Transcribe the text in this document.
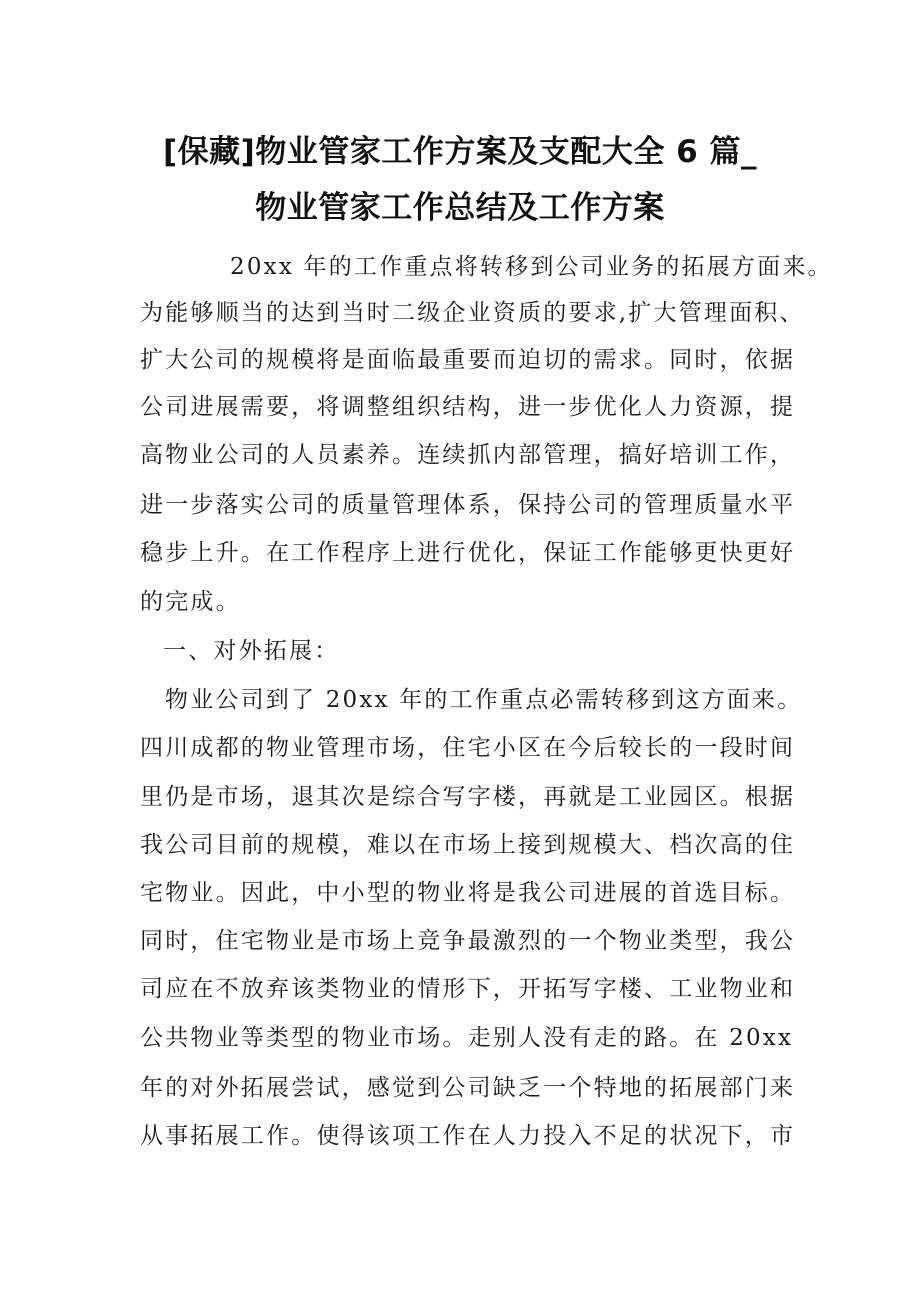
[保藏]物业管家工作方案及支配大全 6 篇_
物业管家工作总结及工作方案
20xx 年的工作重点将转移到公司业务的拓展方面来。
为能够顺当的达到当时二级企业资质的要求,扩大管理面积、
扩大公司的规模将是面临最重要而迫切的需求。同时，依据
公司进展需要，将调整组织结构，进一步优化人力资源，提
高物业公司的人员素养。连续抓内部管理，搞好培训工作，
进一步落实公司的质量管理体系，保持公司的管理质量水平
稳步上升。在工作程序上进行优化，保证工作能够更快更好
的完成。
一、对外拓展：
物业公司到了 20xx 年的工作重点必需转移到这方面来。
四川成都的物业管理市场，住宅小区在今后较长的一段时间
里仍是市场，退其次是综合写字楼，再就是工业园区。根据
我公司目前的规模，难以在市场上接到规模大、档次高的住
宅物业。因此，中小型的物业将是我公司进展的首选目标。
同时，住宅物业是市场上竞争最激烈的一个物业类型，我公
司应在不放弃该类物业的情形下，开拓写字楼、工业物业和
公共物业等类型的物业市场。走别人没有走的路。在 20xx
年的对外拓展尝试，感觉到公司缺乏一个特地的拓展部门来
从事拓展工作。使得该项工作在人力投入不足的状况下，市
